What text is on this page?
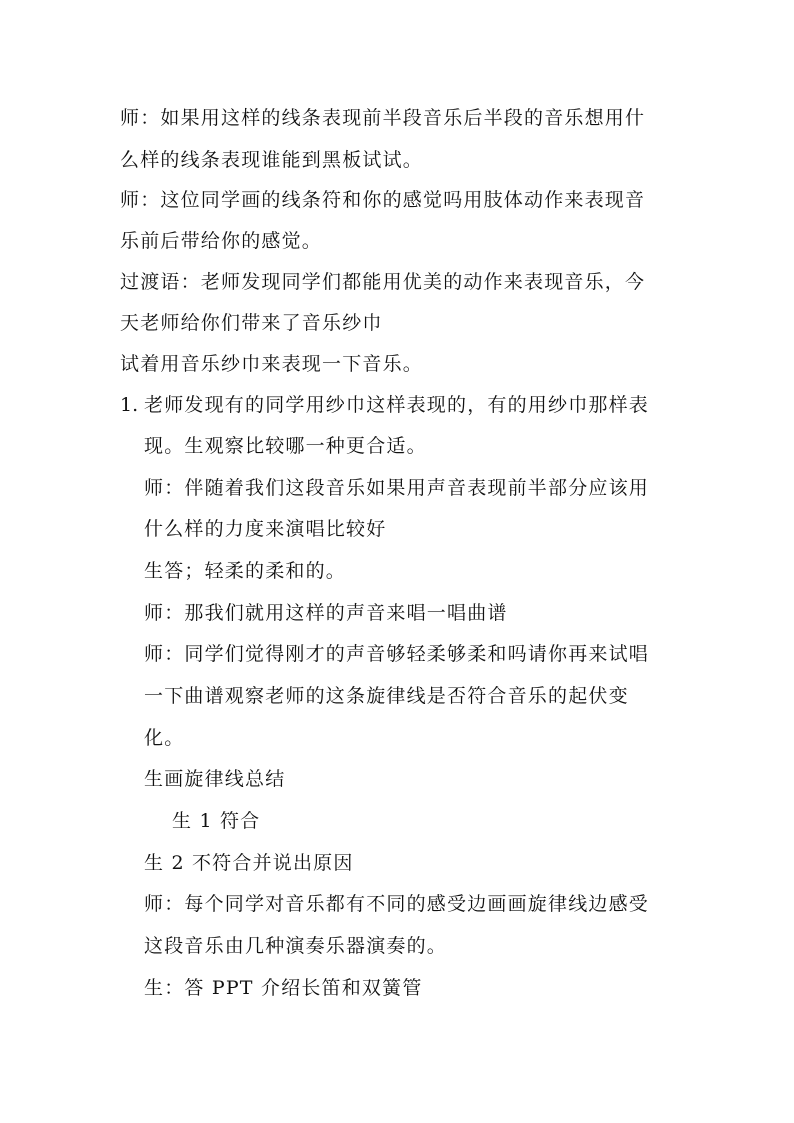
师：如果用这样的线条表现前半段音乐后半段的音乐想用什
么样的线条表现谁能到黑板试试。
师：这位同学画的线条符和你的感觉吗用肢体动作来表现音
乐前后带给你的感觉。
过渡语：老师发现同学们都能用优美的动作来表现音乐，今
天老师给你们带来了音乐纱巾
试着用音乐纱巾来表现一下音乐。
1. 老师发现有的同学用纱巾这样表现的，有的用纱巾那样表
现。生观察比较哪一种更合适。
师：伴随着我们这段音乐如果用声音表现前半部分应该用
什么样的力度来演唱比较好
生答；轻柔的柔和的。
师：那我们就用这样的声音来唱一唱曲谱
师：同学们觉得刚才的声音够轻柔够柔和吗请你再来试唱
一下曲谱观察老师的这条旋律线是否符合音乐的起伏变
化。
生画旋律线总结
生 1 符合
生 2 不符合并说出原因
师：每个同学对音乐都有不同的感受边画画旋律线边感受
这段音乐由几种演奏乐器演奏的。
生：答 PPT 介绍长笛和双簧管
